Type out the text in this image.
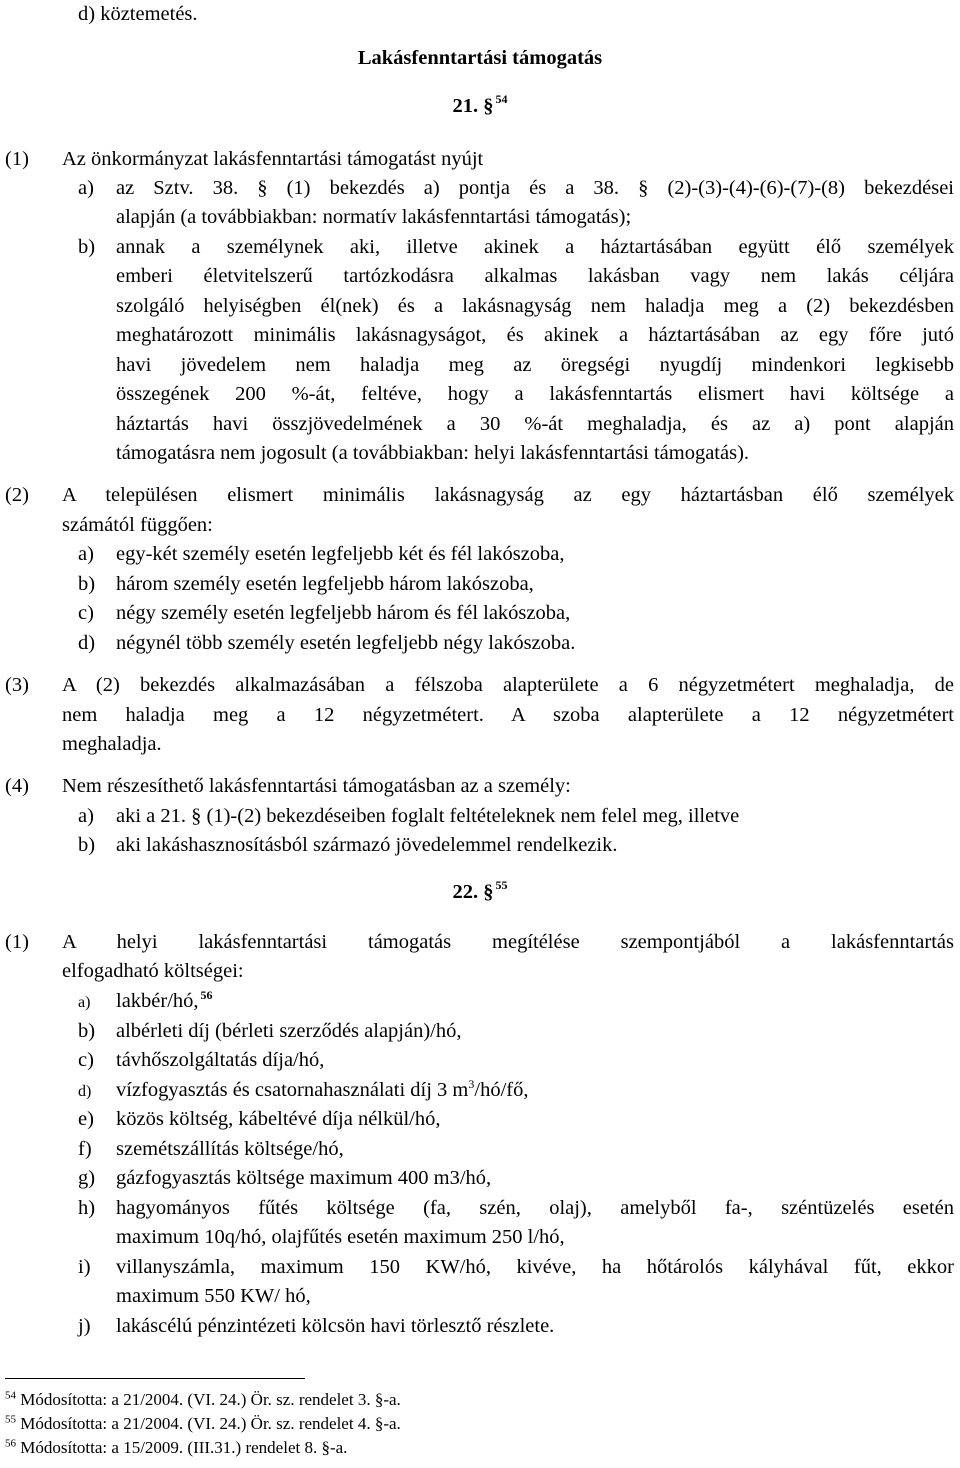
d) köztemetés.
Lakásfenntartási támogatás
21. § $^{54}$
(1) Az önkormányzat lakásfenntartási támogatást nyújt
a) az Sztv. 38. § (1) bekezdés a) pontja és a 38. § (2)-(3)-(4)-(6)-(7)-(8) bekezdései
alapján (a továbbiakban: normatív lakásfenntartási támogatás);
b) annak a személynek aki, illetve akinek a háztartásában együtt élő személyek
emberi életvitelszerű tartózkodásra alkalmas lakásban vagy nem lakás céljára
szolgáló helyiségben él(nek) és a lakásnagyság nem haladja meg a (2) bekezdésben
meghatározott minimális lakásnagyságot, és akinek a háztartásában az egy főre jutó
havi jövedelem nem haladja meg az öregségi nyugdíj mindenkori legkisebb
összegének 200 %-át, feltéve, hogy a lakásfenntartás elismert havi költsége a
háztartás havi összjövedelmének a 30 %-át meghaladja, és az a) pont alapján
támogatásra nem jogosult (a továbbiakban: helyi lakásfenntartási támogatás).
(2) A településen elismert minimális lakásnagyság az egy háztartásban élő személyek
számától függően:
a) egy-két személy esetén legfeljebb két és fél lakószoba,
b) három személy esetén legfeljebb három lakószoba,
c) négy személy esetén legfeljebb három és fél lakószoba,
d) négynél több személy esetén legfeljebb négy lakószoba.
(3) A (2) bekezdés alkalmazásában a félszoba alapterülete a 6 négyzetmétert meghaladja, de
nem haladja meg a 12 négyzetmétert. A szoba alapterülete a 12 négyzetmétert
meghaladja.
(4) Nem részesíthető lakásfenntartási támogatásban az a személy:
a) aki a 21. § (1)-(2) bekezdéseiben foglalt feltételeknek nem felel meg, illetve
b) aki lakáshasznosításból származó jövedelemmel rendelkezik.
22. § $^{55}$
(1) A helyi lakásfenntartási támogatás megítélése szempontjából a lakásfenntartás
elfogadható költségei:
a) lakbér/hó, $^{56}$
b) albérleti díj (bérleti szerződés alapján)/hó,
c) távhőszolgáltatás díja/hó,
d) vízfogyasztás és csatornahasználati díj 3 $m^3/hó/fő$,
e) közös költség, kábeltévé díja nélkül/hó,
f) szemétszállítás költsége/hó,
g) gázfogyasztás költsége maximum 400 m3/hó,
h) hagyományos fűtés költsége (fa, szén, olaj), amelyből fa-, széntüzelés esetén
maximum 10q/hó, olajfűtés esetén maximum 250 l/hó,
i) villanyszámla, maximum 150 KW/hó, kivéve, ha hőtárolós kályhával fűt, ekkor
maximum 550 KW/ hó,
j) lakáscélú pénzintézeti kölcsön havi törlesztő részlete.
$^{54}$ Módosította: a 21/2004. (VI. 24.) Ör. sz. rendelet 3. §-a.
$^{55}$ Módosította: a 21/2004. (VI. 24.) Ör. sz. rendelet 4. §-a.
$^{56}$ Módosította: a 15/2009. (III.31.) rendelet 8. §-a.
